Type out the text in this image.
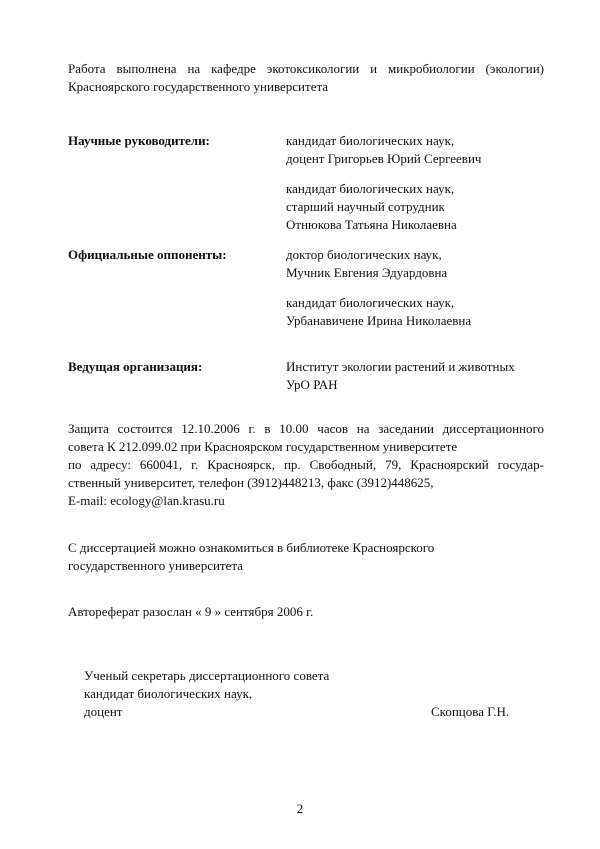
Работа выполнена на кафедре экотоксикологии и микробиологии (экологии)
Красноярского государственного университета
Научные руководители:	кандидат биологических наук,
доцент Григорьев Юрий Сергеевич
кандидат биологических наук,
старший научный сотрудник
Отнюкова Татьяна Николаевна
Официальные оппоненты:	доктор биологических наук,
Мучник Евгения Эдуардовна
кандидат биологических наук,
Урбанавичене Ирина Николаевна
Ведущая организация:	Институт экологии растений и животных
УрО РАН
Защита состоится 12.10.2006 г. в 10.00 часов на заседании диссертационного
совета К 212.099.02 при Красноярском государственном университете
по адресу: 660041, г. Красноярск, пр. Свободный, 79, Красноярский государ-
ственный университет, телефон (3912)448213, факс (3912)448625,
E-mail: ecology@lan.krasu.ru
С диссертацией можно ознакомиться в библиотеке Красноярского
государственного университета
Автореферат разослан « 9 » сентября 2006 г.
Ученый секретарь диссертационного совета
кандидат биологических наук,
доцент	Скопцова Г.Н.
2
